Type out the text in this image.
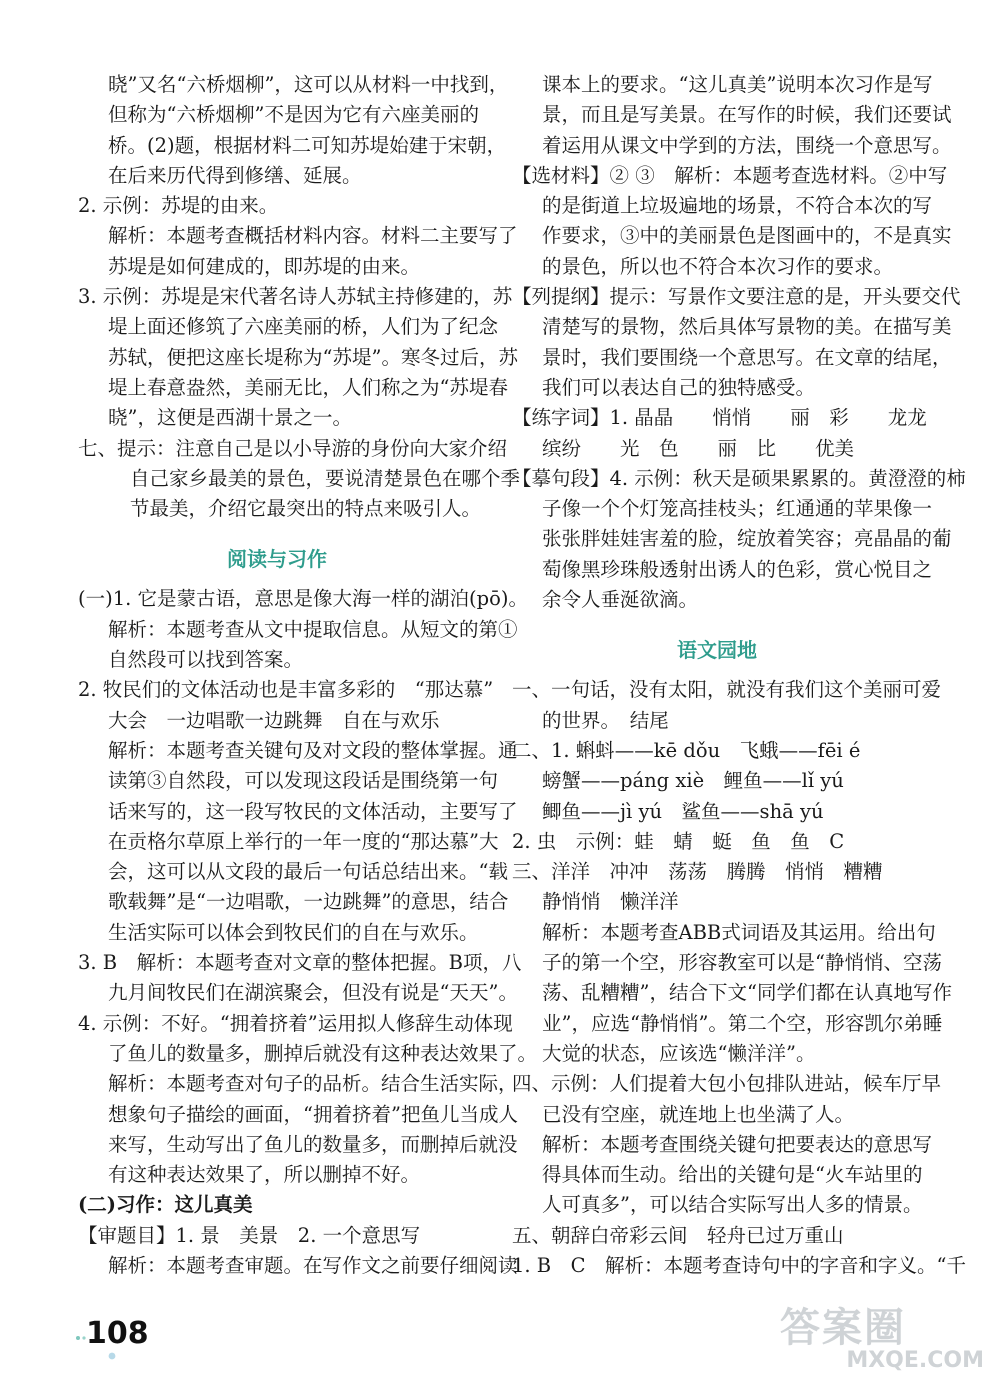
晓”又名“六桥烟柳”，这可以从材料一中找到，
但称为“六桥烟柳”不是因为它有六座美丽的
桥。(2)题，根据材料二可知苏堤始建于宋朝，
在后来历代得到修缮、延展。
2. 示例：苏堤的由来。
解析：本题考查概括材料内容。材料二主要写了
苏堤是如何建成的，即苏堤的由来。
3. 示例：苏堤是宋代著名诗人苏轼主持修建的，苏
堤上面还修筑了六座美丽的桥，人们为了纪念
苏轼，便把这座长堤称为“苏堤”。寒冬过后，苏
堤上春意盎然，美丽无比，人们称之为“苏堤春
晓”，这便是西湖十景之一。
七、提示：注意自己是以小导游的身份向大家介绍
自己家乡最美的景色，要说清楚景色在哪个季
节最美，介绍它最突出的特点来吸引人。
阅读与习作
(一)1. 它是蒙古语，意思是像大海一样的湖泊(pō)。
解析：本题考查从文中提取信息。从短文的第①
自然段可以找到答案。
2. 牧民们的文体活动也是丰富多彩的　“那达慕”
大会　一边唱歌一边跳舞　自在与欢乐
解析：本题考查关键句及对文段的整体掌握。通
读第③自然段，可以发现这段话是围绕第一句
话来写的，这一段写牧民的文体活动，主要写了
在贡格尔草原上举行的一年一度的“那达慕”大
会，这可以从文段的最后一句话总结出来。“载
歌载舞”是“一边唱歌，一边跳舞”的意思，结合
生活实际可以体会到牧民们的自在与欢乐。
3. B　解析：本题考查对文章的整体把握。B项，八
九月间牧民们在湖滨聚会，但没有说是“天天”。
4. 示例：不好。“拥着挤着”运用拟人修辞生动体现
了鱼儿的数量多，删掉后就没有这种表达效果了。
解析：本题考查对句子的品析。结合生活实际，
想象句子描绘的画面，“拥着挤着”把鱼儿当成人
来写，生动写出了鱼儿的数量多，而删掉后就没
有这种表达效果了，所以删掉不好。
(二)习作：这儿真美
【审题目】1. 景　美景　2. 一个意思写
解析：本题考查审题。在写作文之前要仔细阅读
课本上的要求。“这儿真美”说明本次习作是写
景，而且是写美景。在写作的时候，我们还要试
着运用从课文中学到的方法，围绕一个意思写。
【选材料】② ③　解析：本题考查选材料。②中写
的是街道上垃圾遍地的场景，不符合本次的写
作要求，③中的美丽景色是图画中的，不是真实
的景色，所以也不符合本次习作的要求。
【列提纲】提示：写景作文要注意的是，开头要交代
清楚写的景物，然后具体写景物的美。在描写美
景时，我们要围绕一个意思写。在文章的结尾，
我们可以表达自己的独特感受。
【练字词】1. 晶晶　　悄悄　　丽　彩　　龙龙
缤纷　　光　色　　丽　比　　优美
【摹句段】4. 示例：秋天是硕果累累的。黄澄澄的柿
子像一个个灯笼高挂枝头；红通通的苹果像一
张张胖娃娃害羞的脸，绽放着笑容；亮晶晶的葡
萄像黑珍珠般透射出诱人的色彩，赏心悦目之
余令人垂涎欲滴。
语文园地
一、一句话，没有太阳，就没有我们这个美丽可爱
的世界。　结尾
二、1. 蝌蚪——kē dǒu　飞蛾——fēi é
螃蟹——páng xiè　鲤鱼——lǐ yú
鲫鱼——jì yú　鲨鱼——shā yú
2. 虫　示例：蛙　蜻　蜓　鱼　鱼　C
三、洋洋　冲冲　荡荡　腾腾　悄悄　糟糟
静悄悄　懒洋洋
解析：本题考查ABB式词语及其运用。给出句
子的第一个空，形容教室可以是“静悄悄、空荡
荡、乱糟糟”，结合下文“同学们都在认真地写作
业”，应选“静悄悄”。第二个空，形容凯尔弟睡
大觉的状态，应该选“懒洋洋”。
四、示例：人们提着大包小包排队进站，候车厅早
已没有空座，就连地上也坐满了人。
解析：本题考查围绕关键句把要表达的意思写
得具体而生动。给出的关键句是“火车站里的
人可真多”，可以结合实际写出人多的情景。
五、朝辞白帝彩云间　轻舟已过万重山
1. B　C　解析：本题考查诗句中的字音和字义。“千
108	答案圈
MXQE.COM
